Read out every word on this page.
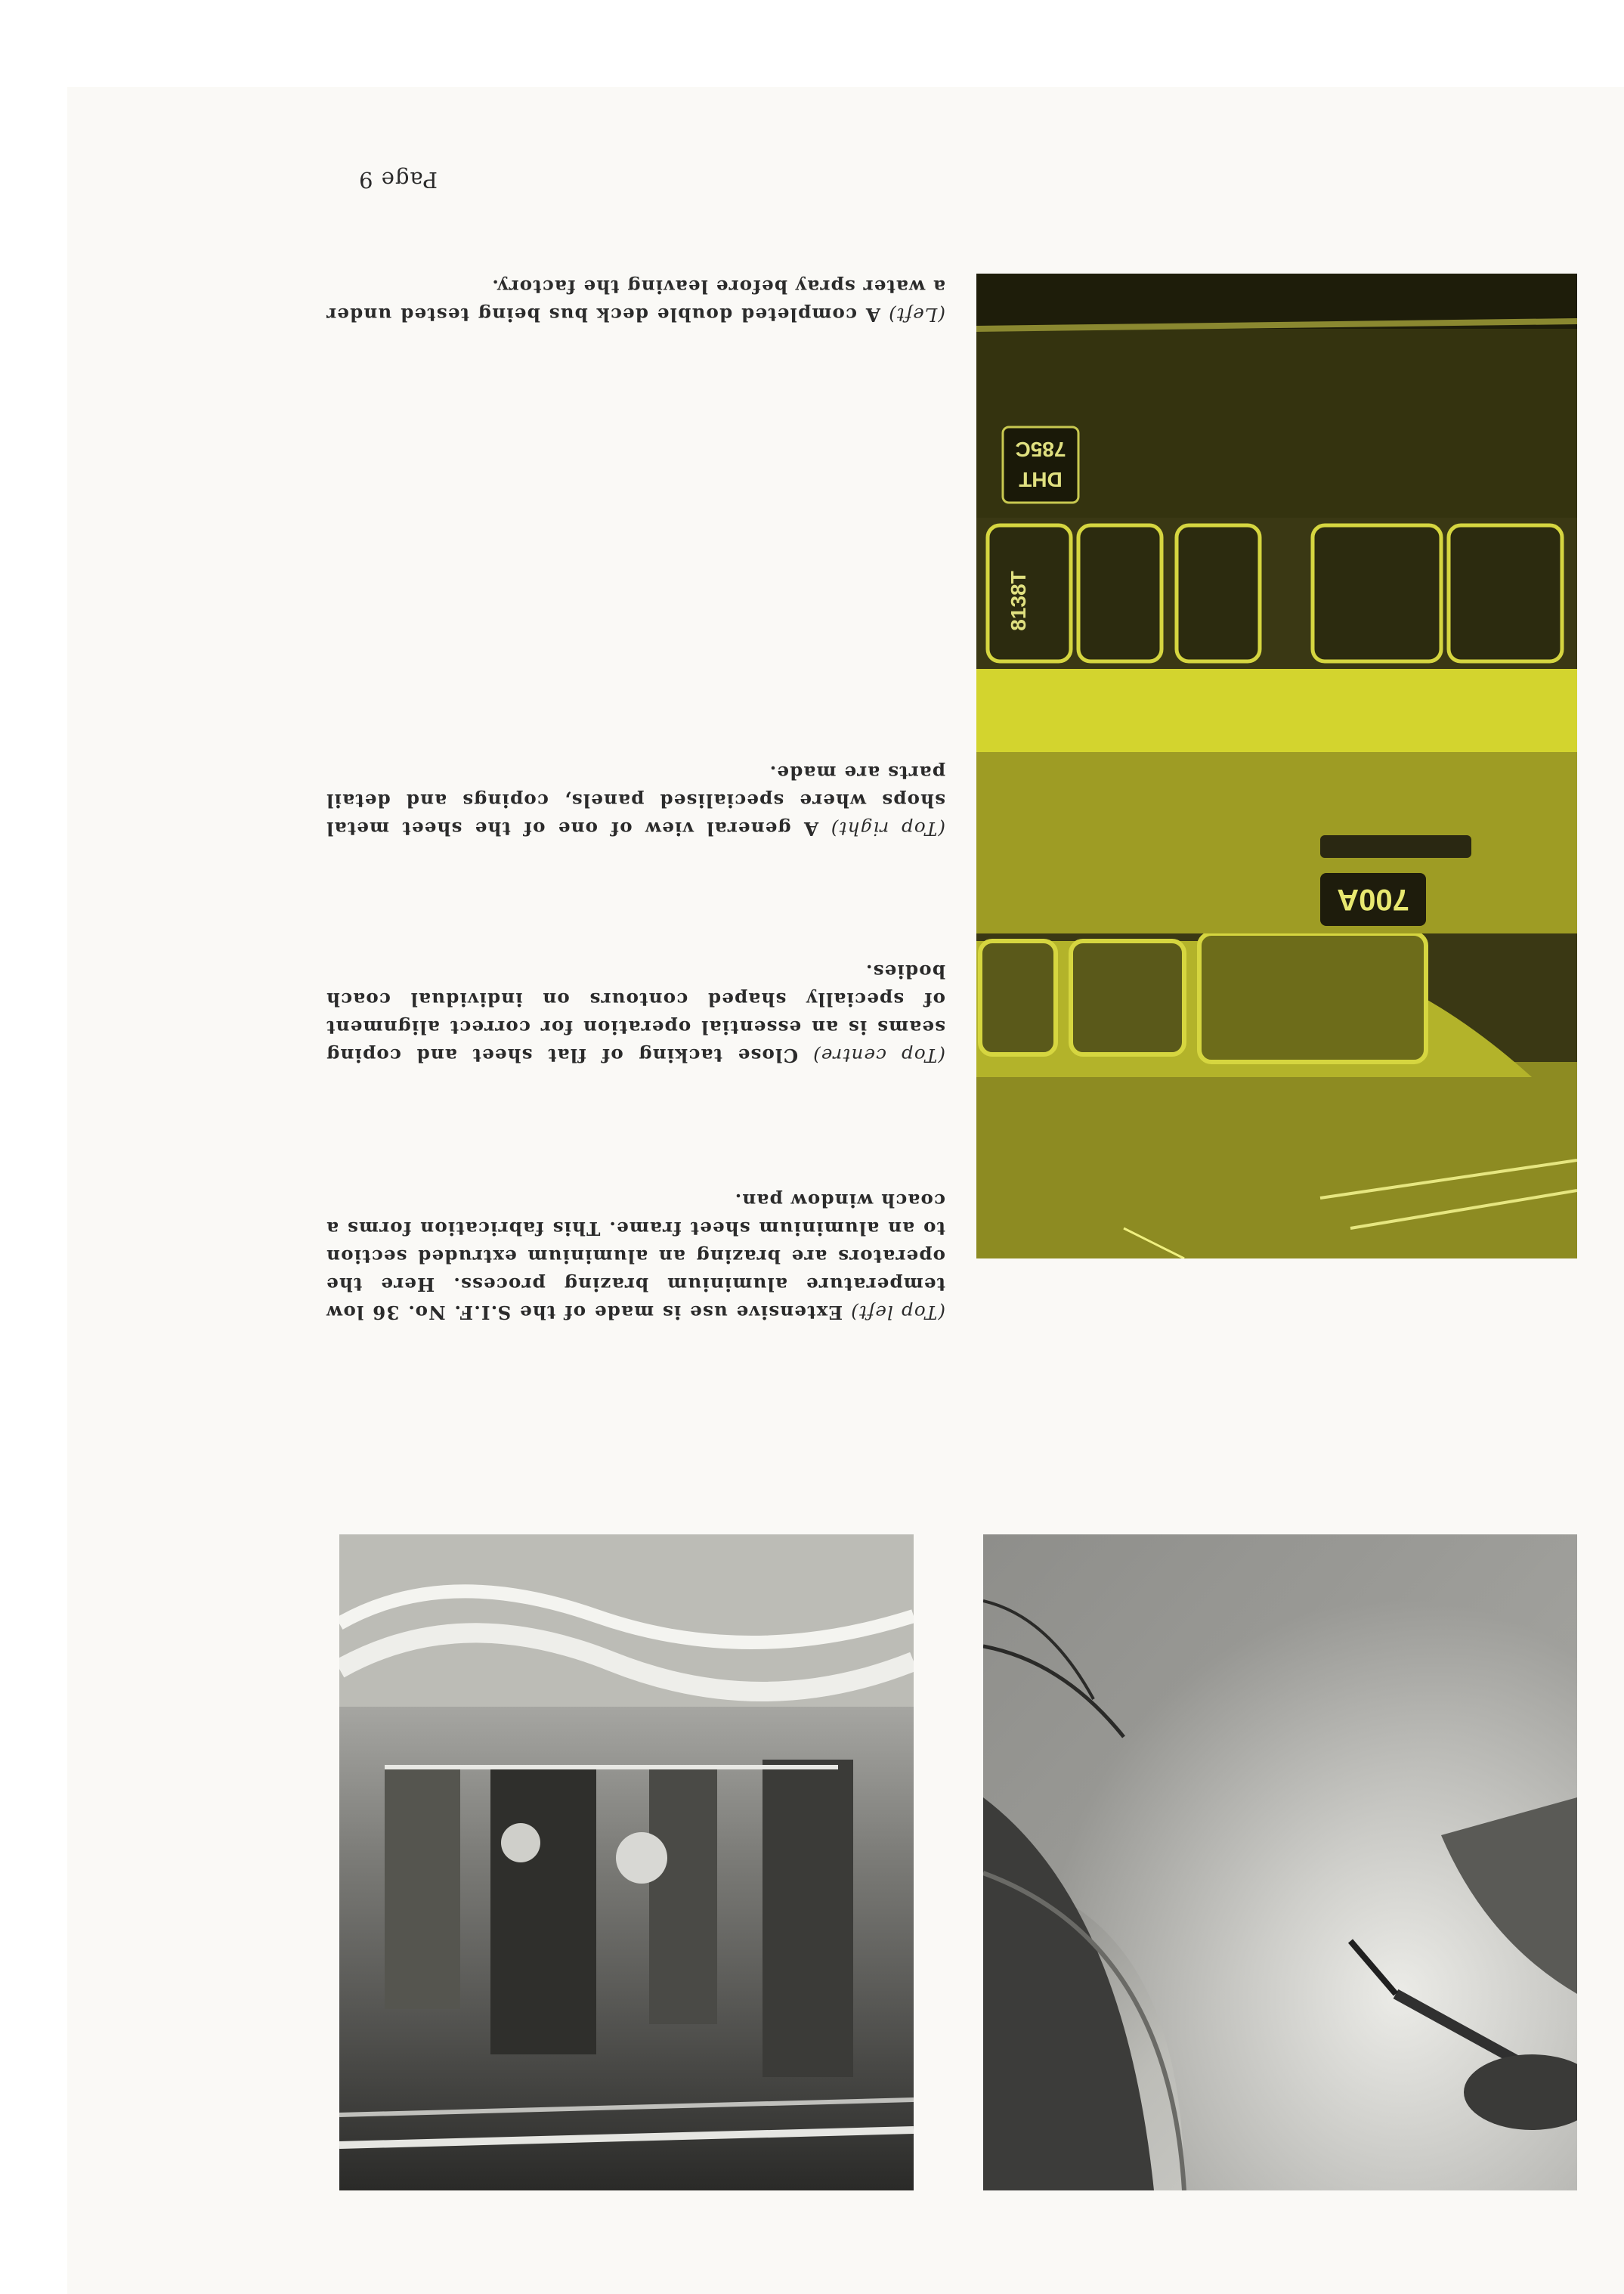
700A
8138T
DHT
785C
(Top left) Extensive use is made of the S.I.F. No. 36 low temperature aluminium brazing process. Here the operators are brazing an aluminium extruded section to an aluminium sheet frame. This fabrication forms a coach window pan.
(Top centre) Close tacking of flat sheet and coping seams is an essential operation for correct alignment of specially shaped contours on individual coach bodies.
(Top right) A general view of one of the sheet metal shops where specialised panels, copings and detail parts are made.
(Left) A completed double deck bus being tested under a water spray before leaving the factory.
Page 9
